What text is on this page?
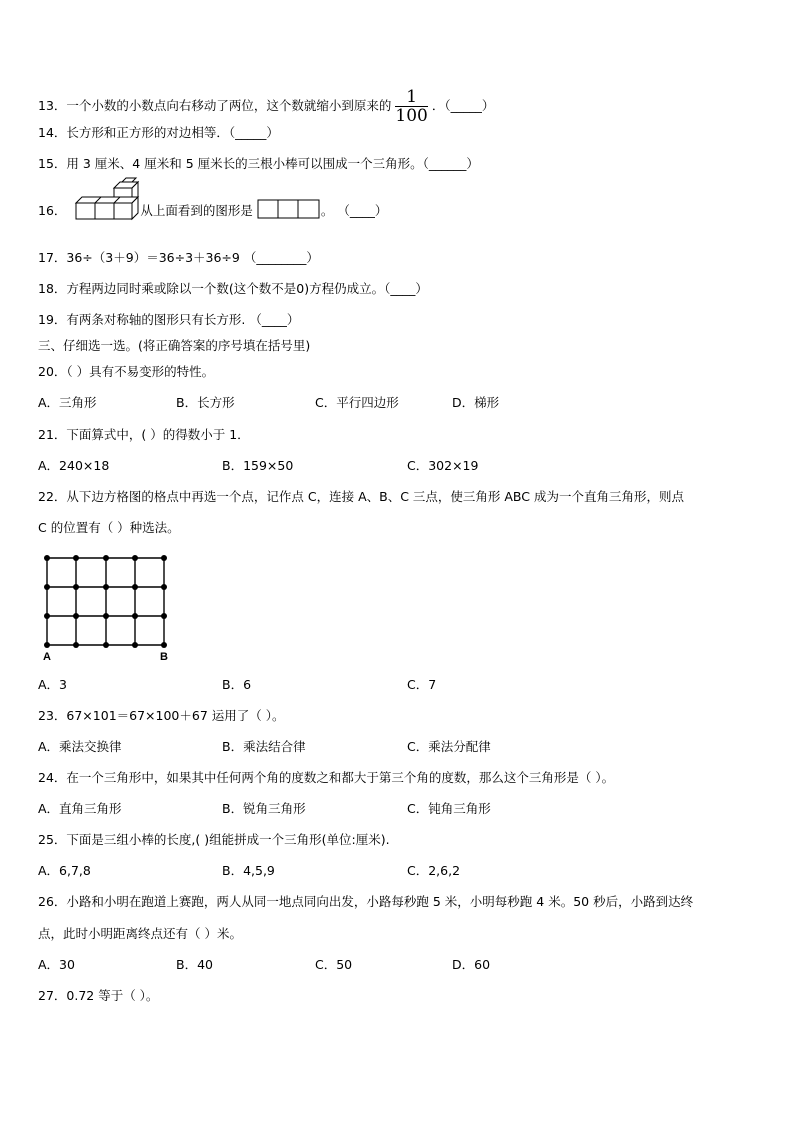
13．一个小数的小数点向右移动了两位，这个数就缩小到原来的 $\frac{1}{100}$ ．（_____）
14．长方形和正方形的对边相等．（_____）
15．用 3 厘米、4 厘米和 5 厘米长的三根小棒可以围成一个三角形。（______）
16．	从上面看到的图形是	。 （____）
17．36÷（3＋9）＝36÷3＋36÷9 （________）
18．方程两边同时乘或除以一个数(这个数不是0)方程仍成立。（____）
19．有两条对称轴的图形只有长方形. （____）
三、仔细选一选。(将正确答案的序号填在括号里)
20．（ ）具有不易变形的特性。
A．三角形	B．长方形	C．平行四边形	D．梯形
21．下面算式中，( ）的得数小于 1．
A．240×18	B．159×50	C．302×19
22．从下边方格图的格点中再选一个点，记作点 C，连接 A、B、C 三点，使三角形 ABC 成为一个直角三角形，则点
C 的位置有（ ）种选法。
A	B
A．3	B．6	C．7
23．67×101＝67×100＋67 运用了（ ）。
A．乘法交换律	B．乘法结合律	C．乘法分配律
24．在一个三角形中，如果其中任何两个角的度数之和都大于第三个角的度数，那么这个三角形是（ ）。
A．直角三角形	B．锐角三角形	C．钝角三角形
25．下面是三组小棒的长度,( )组能拼成一个三角形(单位:厘米).
A．6,7,8	B．4,5,9	C．2,6,2
26．小路和小明在跑道上赛跑，两人从同一地点同向出发，小路每秒跑 5 米，小明每秒跑 4 米。50 秒后，小路到达终
点，此时小明距离终点还有（ ）米。
A．30	B．40	C．50	D．60
27．0.72 等于（ ）。
